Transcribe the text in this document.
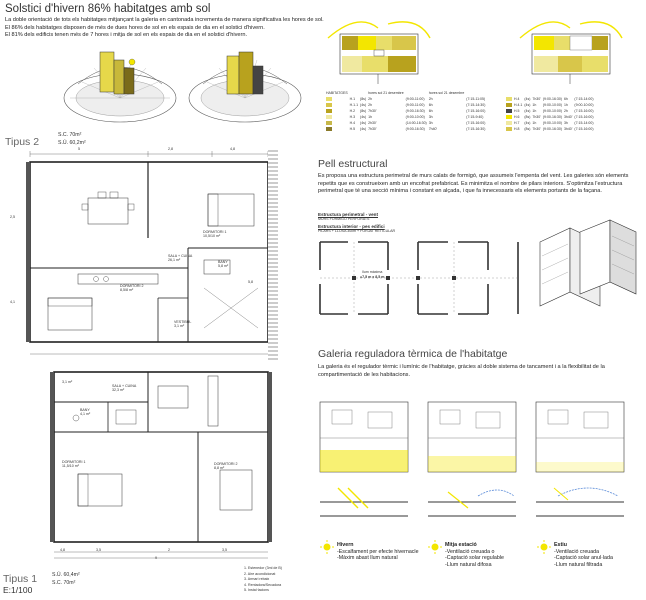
Solstici d'hivern 86% habitatges amb sol
La doble orientació de tots els habitatges mitjançant la galeria en cantonada incrementa de manera significativa les hores de sol.
El 86% dels habitatges disposen de més de dues hores de sol en els espais de dia en el solstici d'hivern.
El 81% dels edificis tenen més de 7 hores i mitja de sol en els espais de dia en el solstici d'hivern.
HABITATGES			hores sol 21 desembre		hores sol 21 desembre	
	H.1	(8s)	2h	(9:00-11:00)	2h	(7:15-11:05)
	H.1.1	(4s)	2h	(9:00-11:00)	6h	(7:15-14:30)
	H.2	(8s)	7h30'	(9:00-16:30)	6h	(7:15-16:00)
	H.3	(4s)	1h	(9:00-10:00)	3h	(7:15-9:40)
	H.4	(4s)	2h30'	(14:00-16:30)	3h	(7:15-16:00)
	H.5	(4s)	7h30'	(9:00-16:30)	7h40'	(7:15-16:30)
	H.4	(4s)	7h30'	(9:00-16:30)	6h	(7:15-14:00)
	H.4.1	(4s)	1h	(9:00-10:00)	1h	(9:00-10:00)
	H.5	(4s)	1h	(9:00-10:00)	2h	(7:15-16:00)
	H.6	(8s)	7h30'	(9:00-16:30)	3h40'	(7:15-16:00)
	H.7	(4s)	1h	(9:00-10:00)	3h	(7:15-14:00)
	H.8	(8s)	7h30'	(9:00-16:30)	3h40'	(7:15-16:00)
Tipus 2
S.C. 70m²
S.Ú. 60,2m²
5	2,8	4,8
2,5
4,1
DORMITORI 1
10,5/10 m²
SALA + CUINA
26,1 m²	BANY
5,8 m²
DORMITORI 2
8,5/8 m²
VESTIBUL
3,1 m²
SALA + CUINA
32,3 m²
BANY
4,1 m²
DORMITORI 1
11,5/10 m²	DORMITORI 2
8,8 m²
3,1 m²
3,5	2	3,5
4,8
9
5,8
Tipus 1
E:1/100
S.Ú. 60,4m²
S.C. 70m²
1. Estenedor (3ml de B)
2. Aire acondicionat
3. Armari rebaix
4. Rentadora/Secadora
5. Instal·lacions
Pell estructural
Es proposa una estructura perimetral de murs calats de formigó, que assumeix l'empenta del vent. Les galeries són elements
repetits que es construeixen amb un encofrat prefabricat. Es minimitza el nombre de pilars interiors. S'optimitza l'estructura
perimetral que té una secció mínima i constant en alçada, i que fa innecessaris els elements portants de la façana.
Estructura perimetral - vent
MURS FORMIGÓ PERFORATS
Estructura interior - pes edifici
PILARS + LLOSA 30cm + FORJAT RETICULAR
llum màxima
=7,5 m x 8,5 m
Galeria reguladora tèrmica de l'habitatge
La galeria és el regulador tèrmic i lumínic de l'habitatge, gràcies al doble sistema de tancament i a la flexibilitat de la
compartimentació de les habitacions.
Hivern
-Escalfament per efecte hivernacle
-Màxim abast llum natural
Mitja estació
-Ventilació creuada o
-Captació solar regulable
-Llum natural difosa
Estiu
-Ventilació creuada
-Captació solar anul·lada
-Llum natural filtrada
